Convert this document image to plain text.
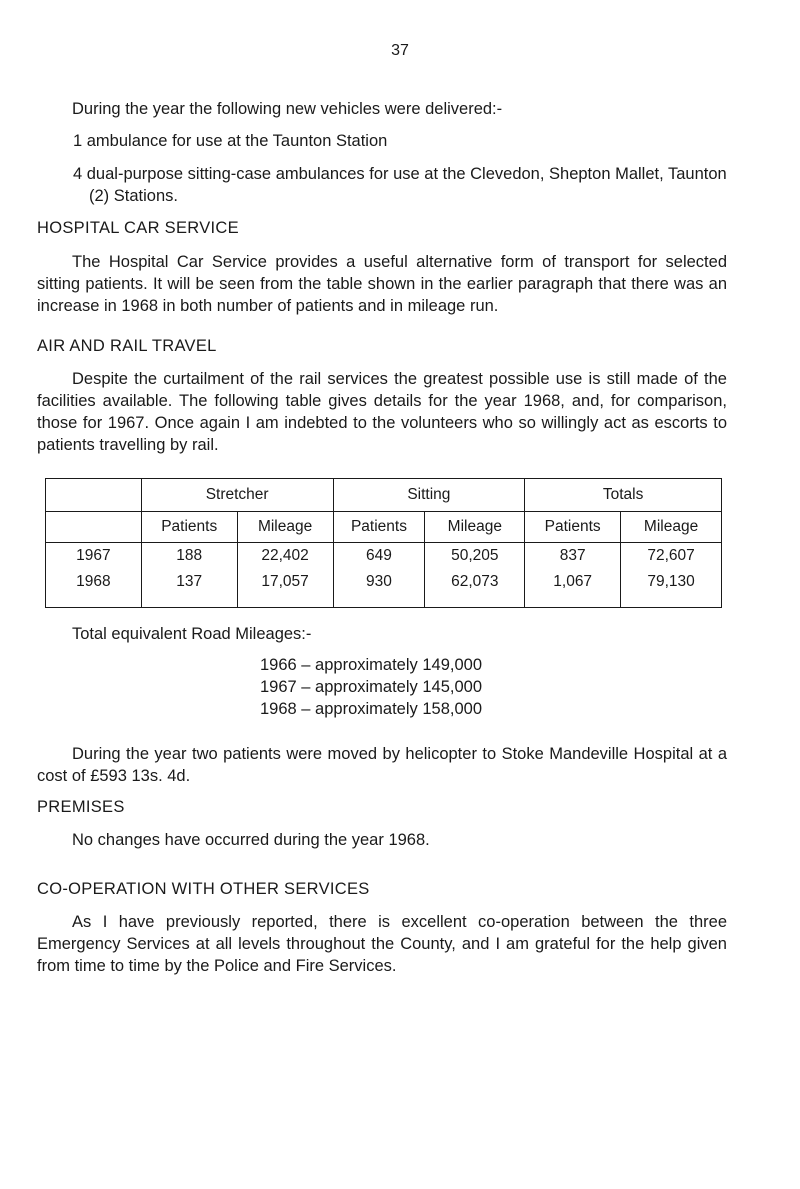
37
During the year the following new vehicles were delivered:-
1 ambulance for use at the Taunton Station
4 dual-purpose sitting-case ambulances for use at the Clevedon, Shepton Mallet, Taunton (2) Stations.
HOSPITAL CAR SERVICE

The Hospital Car Service provides a useful alternative form of transport for selected sitting patients. It will be seen from the table shown in the earlier paragraph that there was an increase in 1968 in both number of patients and in mileage run.

AIR AND RAIL TRAVEL

Despite the curtailment of the rail services the greatest possible use is still made of the facilities available. The following table gives details for the year 1968, and, for comparison, those for 1967. Once again I am indebted to the volunteers who so willingly act as escorts to patients travelling by rail.

	Stretcher		Sitting		Totals	
	Patients	Mileage	Patients	Mileage	Patients	Mileage
1967	188	22,402	649	50,205	837	72,607
1968	137	17,057	930	62,073	1,067	79,130
Total equivalent Road Mileages:-
1966 – approximately 149,000
1967 – approximately 145,000
1968 – approximately 158,000

During the year two patients were moved by helicopter to Stoke Mandeville Hospital at a cost of £593 13s. 4d.

PREMISES
No changes have occurred during the year 1968.
CO-OPERATION WITH OTHER SERVICES

As I have previously reported, there is excellent co-operation between the three Emergency Services at all levels throughout the County, and I am grateful for the help given from time to time by the Police and Fire Services.
